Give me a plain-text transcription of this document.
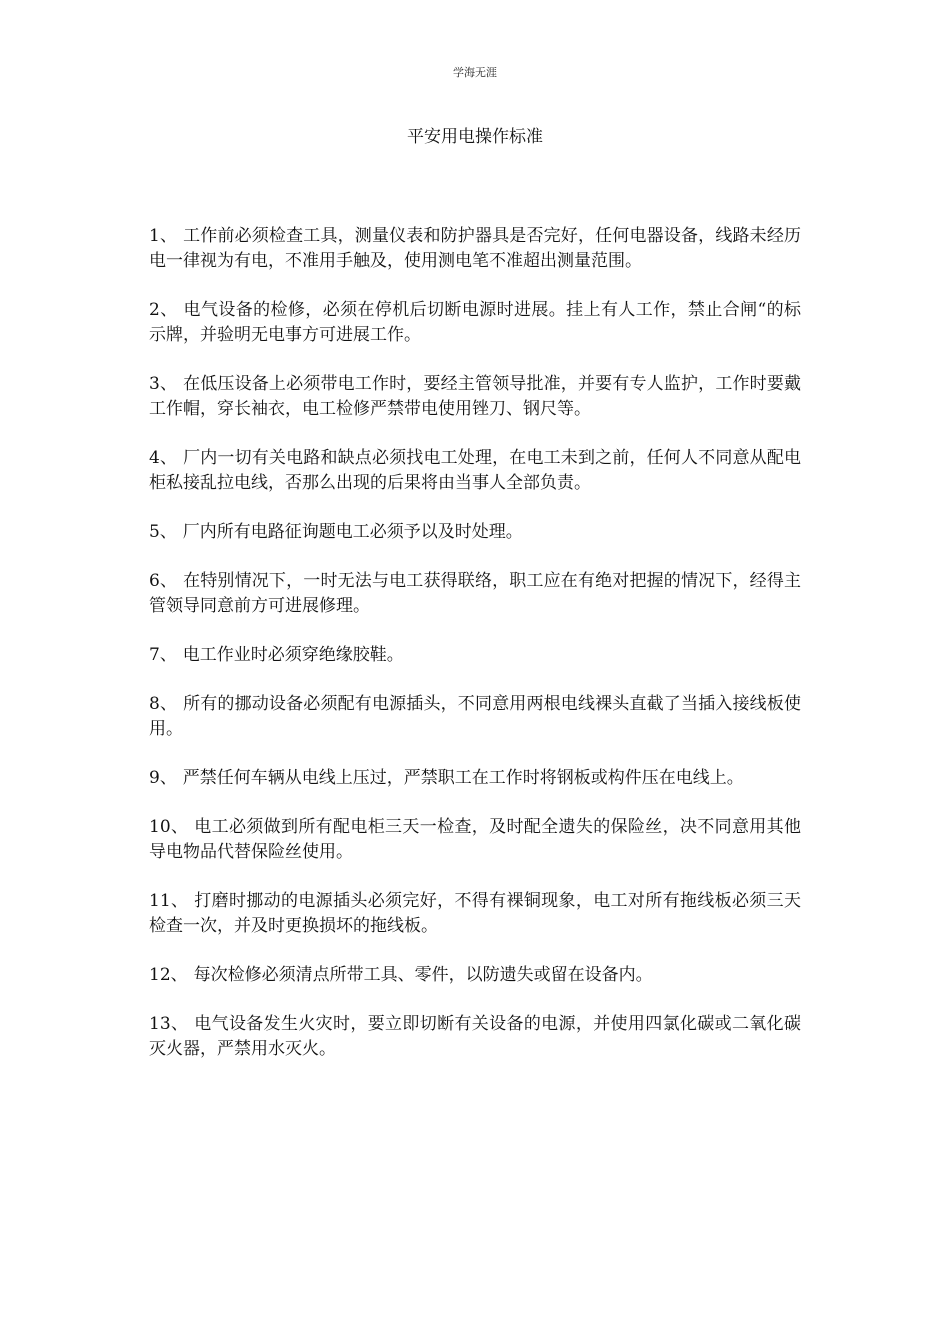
学海无涯
平安用电操作标准
1、 工作前必须检查工具，测量仪表和防护器具是否完好，任何电器设备，线路未经历电一律视为有电，不准用手触及，使用测电笔不准超出测量范围。
2、 电气设备的检修，必须在停机后切断电源时进展。挂上有人工作，禁止合闸“的标示牌，并验明无电事方可进展工作。
3、 在低压设备上必须带电工作时，要经主管领导批准，并要有专人监护，工作时要戴工作帽，穿长袖衣，电工检修严禁带电使用锉刀、钢尺等。
4、 厂内一切有关电路和缺点必须找电工处理，在电工未到之前，任何人不同意从配电柜私接乱拉电线，否那么出现的后果将由当事人全部负责。
5、 厂内所有电路征询题电工必须予以及时处理。
6、 在特别情况下，一时无法与电工获得联络，职工应在有绝对把握的情况下，经得主管领导同意前方可进展修理。
7、 电工作业时必须穿绝缘胶鞋。
8、 所有的挪动设备必须配有电源插头，不同意用两根电线裸头直截了当插入接线板使用。
9、 严禁任何车辆从电线上压过，严禁职工在工作时将钢板或构件压在电线上。
10、 电工必须做到所有配电柜三天一检查，及时配全遗失的保险丝，决不同意用其他导电物品代替保险丝使用。
11、 打磨时挪动的电源插头必须完好，不得有裸铜现象，电工对所有拖线板必须三天检查一次，并及时更换损坏的拖线板。
12、 每次检修必须清点所带工具、零件，以防遗失或留在设备内。
13、 电气设备发生火灾时，要立即切断有关设备的电源，并使用四氯化碳或二氧化碳灭火器，严禁用水灭火。
